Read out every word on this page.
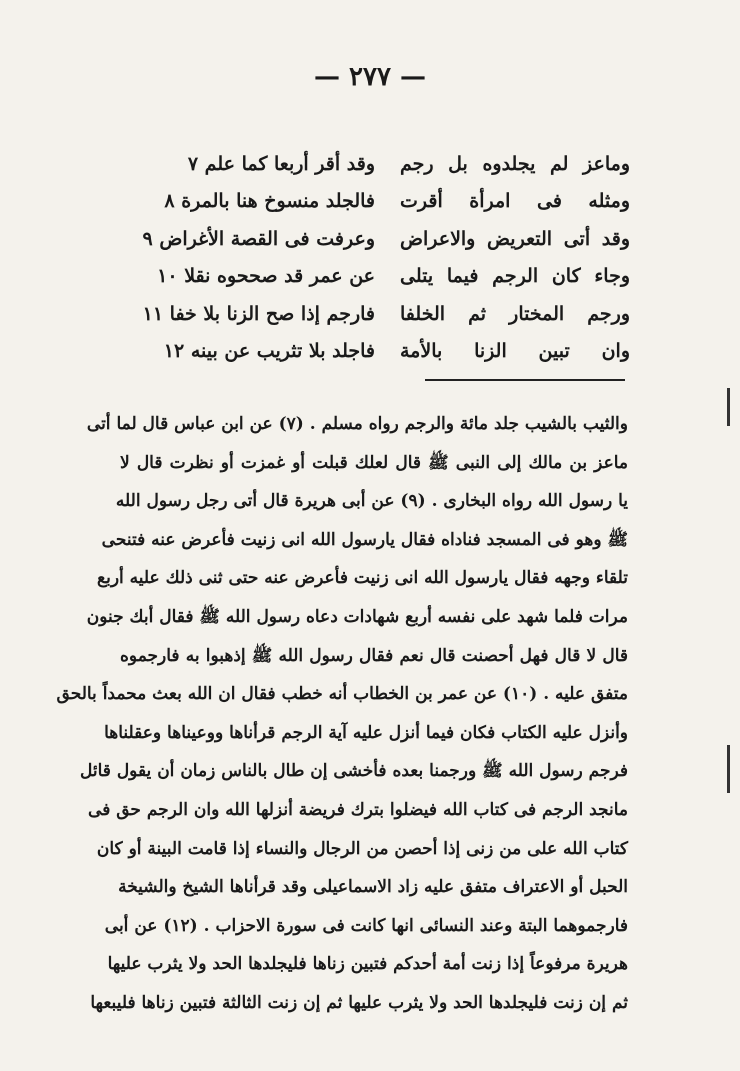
— ٢٧٧ —
وماعز لم يجلدوه بل رجم
وقد أقر أربعا كما علم ٧
ومثله فى امرأة أقرت
فالجلد منسوخ هنا بالمرة ٨
وقد أتى التعريض والاعراض
وعرفت فى القصة الأغراض ٩
وجاء كان الرجم فيما يتلى
عن عمر قد صححوه نقلا ١٠
ورجم المختار ثم الخلفا
فارجم إذا صح الزنا بلا خفا ١١
وان تبين الزنا بالأمة
فاجلد بلا تثريب عن بينه ١٢
والثيب بالشيب جلد مائة والرجم رواه مسلم . (٧) عن ابن عباس قال لما أتى
ماعز بن مالك إلى النبى ﷺ قال لعلك قبلت أو غمزت أو نظرت قال لا
يا رسول الله رواه البخارى . (٩) عن أبى هريرة قال أتى رجل رسول الله
ﷺ وهو فى المسجد فناداه فقال يارسول الله انى زنيت فأعرض عنه فتنحى
تلقاء وجهه فقال يارسول الله انى زنيت فأعرض عنه حتى ثنى ذلك عليه أربع
مرات فلما شهد على نفسه أربع شهادات دعاه رسول الله ﷺ فقال أبك جنون
قال لا قال فهل أحصنت قال نعم فقال رسول الله ﷺ إذهبوا به فارجموه
متفق عليه . (١٠) عن عمر بن الخطاب أنه خطب فقال ان الله بعث محمداً بالحق
وأنزل عليه الكتاب فكان فيما أنزل عليه آية الرجم قرأناها ووعيناها وعقلناها
فرجم رسول الله ﷺ ورجمنا بعده فأخشى إن طال بالناس زمان أن يقول قائل
مانجد الرجم فى كتاب الله فيضلوا بترك فريضة أنزلها الله وان الرجم حق فى
كتاب الله على من زنى إذا أحصن من الرجال والنساء إذا قامت البينة أو كان
الحبل أو الاعتراف متفق عليه زاد الاسماعيلى وقد قرأناها الشيخ والشيخة
فارجموهما البتة وعند النسائى انها كانت فى سورة الاحزاب . (١٢) عن أبى
هريرة مرفوعاً إذا زنت أمة أحدكم فتبين زناها فليجلدها الحد ولا يثرب عليها
ثم إن زنت فليجلدها الحد ولا يثرب عليها ثم إن زنت الثالثة فتبين زناها فليبعها
